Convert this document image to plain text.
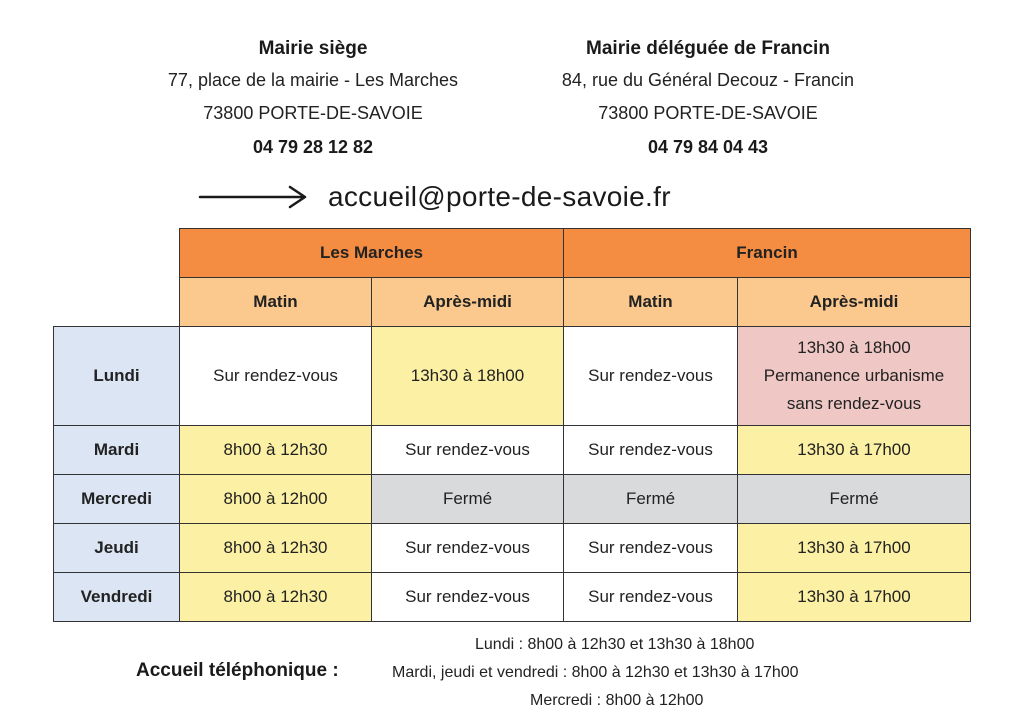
Mairie siège
77, place de la mairie - Les Marches
73800 PORTE-DE-SAVOIE
04 79 28 12 82
Mairie déléguée de Francin
84, rue du Général Decouz - Francin
73800 PORTE-DE-SAVOIE
04 79 84 04 43
accueil@porte-de-savoie.fr
	Les Marches		Francin	
	Matin	Après-midi	Matin	Après-midi
Lundi	Sur rendez-vous	13h30 à 18h00	Sur rendez-vous	13h30 à 18h00
Permanence urbanisme
sans rendez-vous

Mardi	8h00 à 12h30	Sur rendez-vous	Sur rendez-vous	13h30 à 17h00
Mercredi	8h00 à 12h00	Fermé	Fermé	Fermé
Jeudi	8h00 à 12h30	Sur rendez-vous	Sur rendez-vous	13h30 à 17h00
Vendredi	8h00 à 12h30	Sur rendez-vous	Sur rendez-vous	13h30 à 17h00
Accueil téléphonique :
Lundi : 8h00 à 12h30 et 13h30 à 18h00
Mardi, jeudi et vendredi : 8h00 à 12h30 et 13h30 à 17h00
Mercredi : 8h00 à 12h00
